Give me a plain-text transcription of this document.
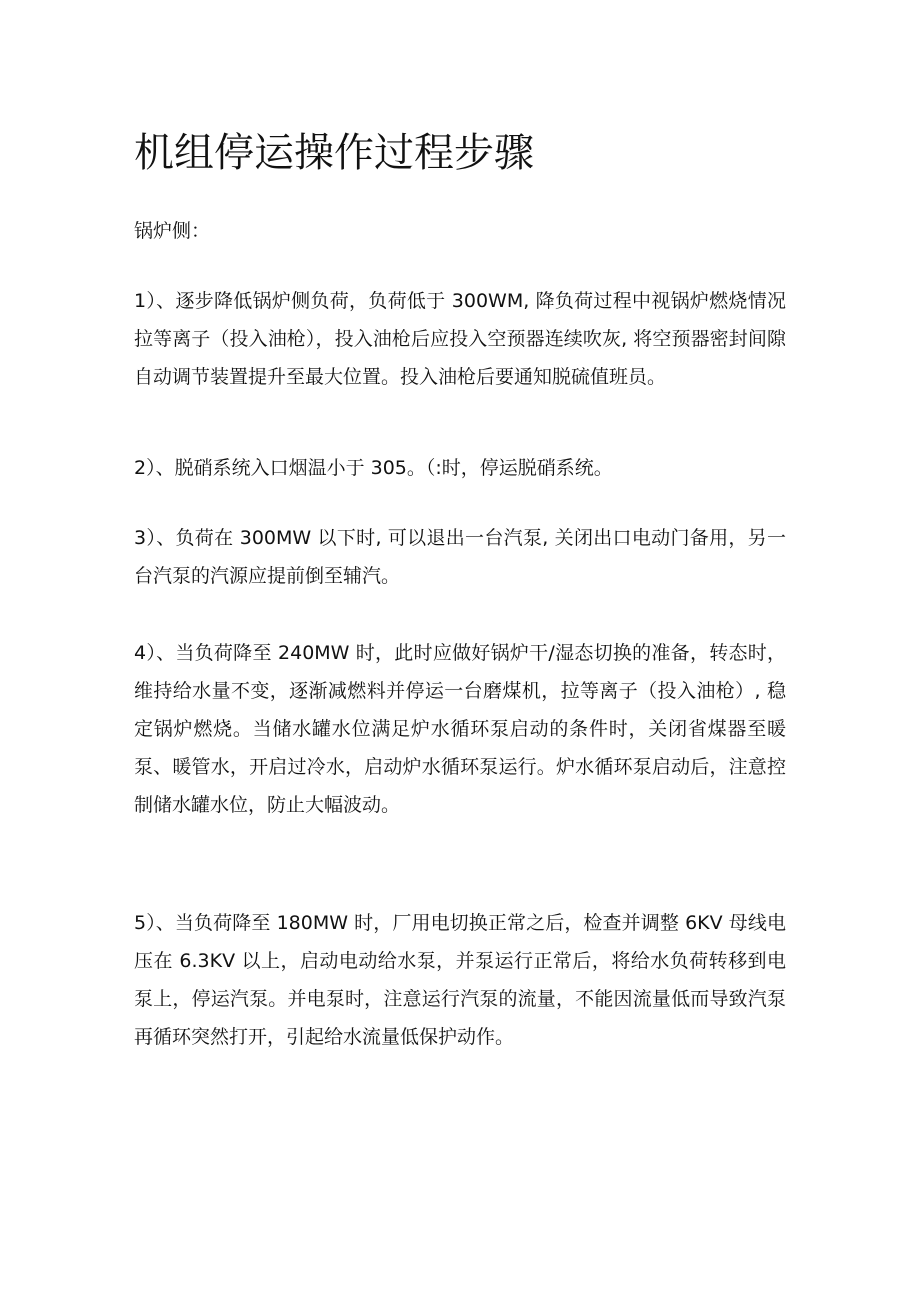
机组停运操作过程步骤

锅炉侧：

1）、逐步降低锅炉侧负荷，负荷低于 300WM, 降负荷过程中视锅炉燃烧情况拉等离子（投入油枪），投入油枪后应投入空预器连续吹灰, 将空预器密封间隙自动调节装置提升至最大位置。投入油枪后要通知脱硫值班员。

2）、脱硝系统入口烟温小于 305。（:时，停运脱硝系统。

3）、负荷在 300MW 以下时, 可以退出一台汽泵, 关闭出口电动门备用，另一台汽泵的汽源应提前倒至辅汽。

4）、当负荷降至 240MW 时，此时应做好锅炉干/湿态切换的准备，转态时，维持给水量不变，逐渐减燃料并停运一台磨煤机，拉等离子（投入油枪）, 稳定锅炉燃烧。当储水罐水位满足炉水循环泵启动的条件时，关闭省煤器至暖泵、暖管水，开启过冷水，启动炉水循环泵运行。炉水循环泵启动后，注意控制储水罐水位，防止大幅波动。

5）、当负荷降至 180MW 时，厂用电切换正常之后，检查并调整 6KV 母线电压在 6.3KV 以上，启动电动给水泵，并泵运行正常后，将给水负荷转移到电泵上，停运汽泵。并电泵时，注意运行汽泵的流量，不能因流量低而导致汽泵再循环突然打开，引起给水流量低保护动作。
